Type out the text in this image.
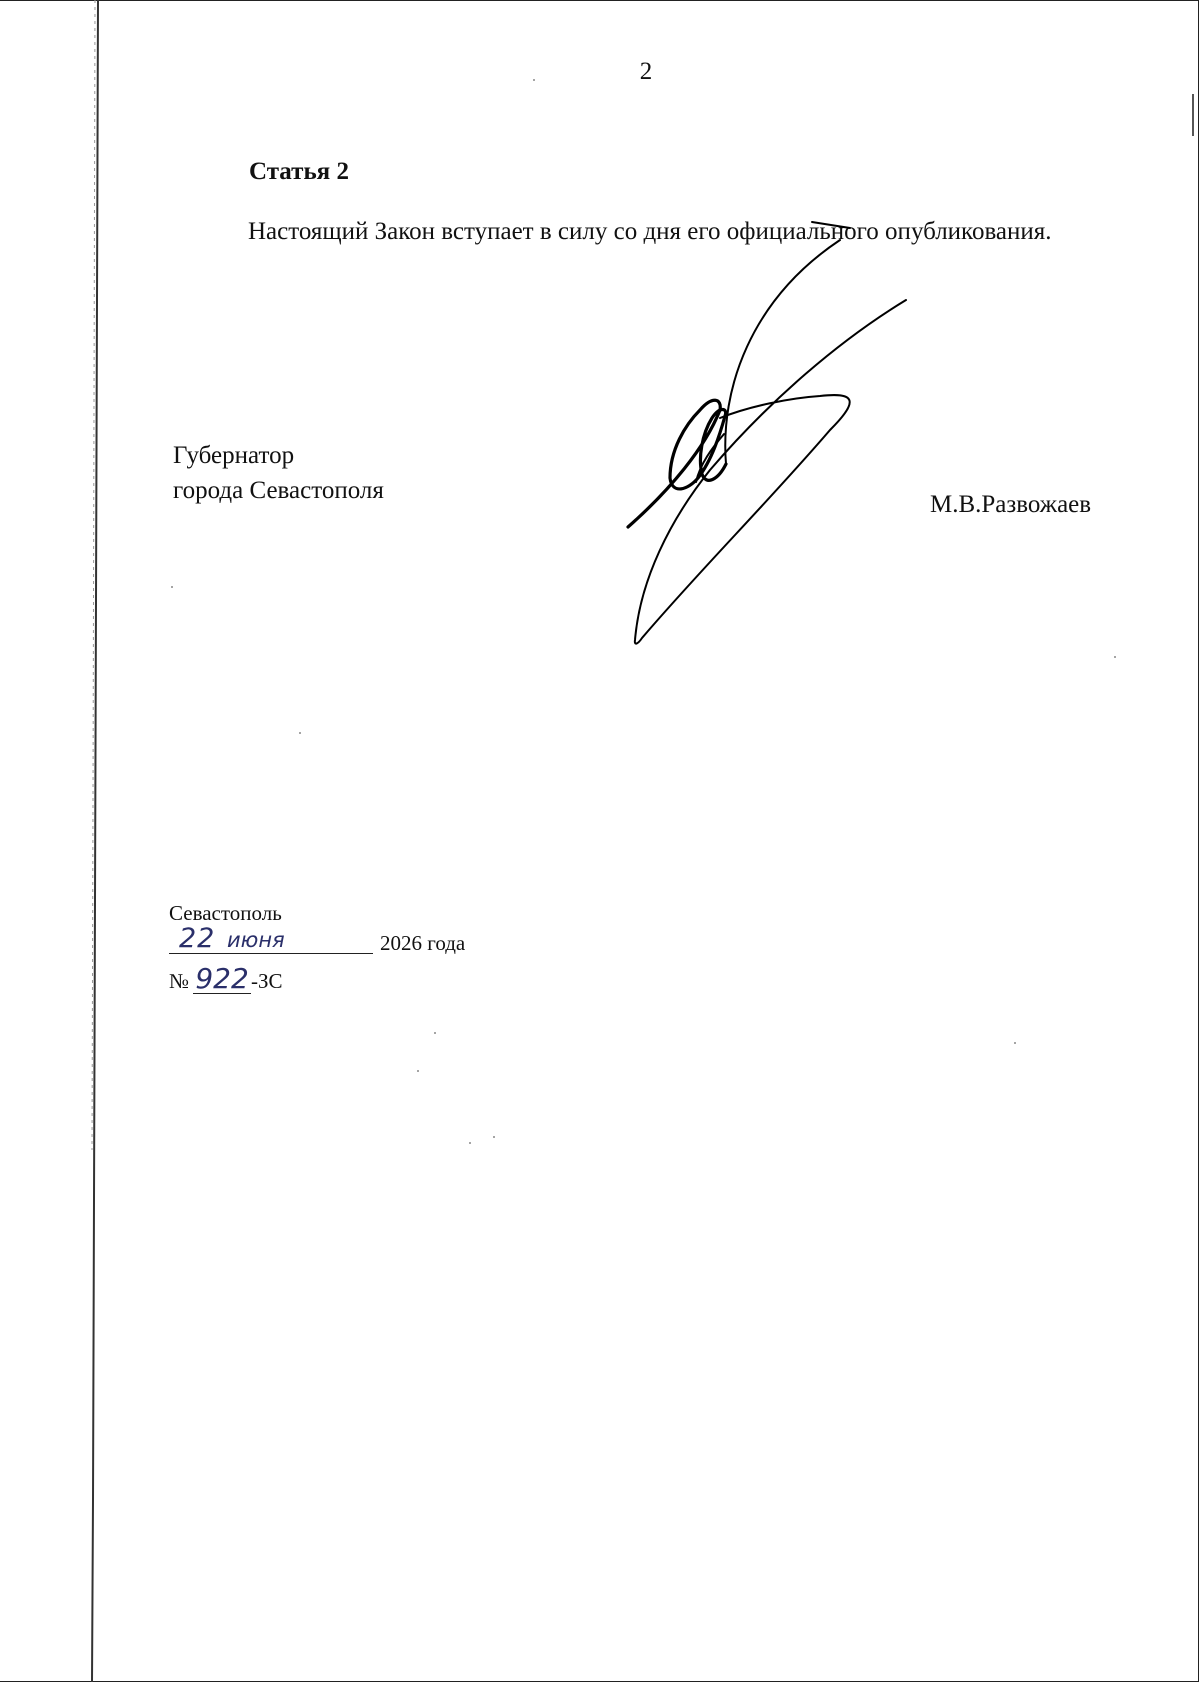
2
Статья 2

Настоящий Закон вступает в силу со дня его официального опубликования.

Губернатор
города Севастополя
М.В.Развожаев
Севастополь
22 июня	2026 года
№ 922 -ЗС
